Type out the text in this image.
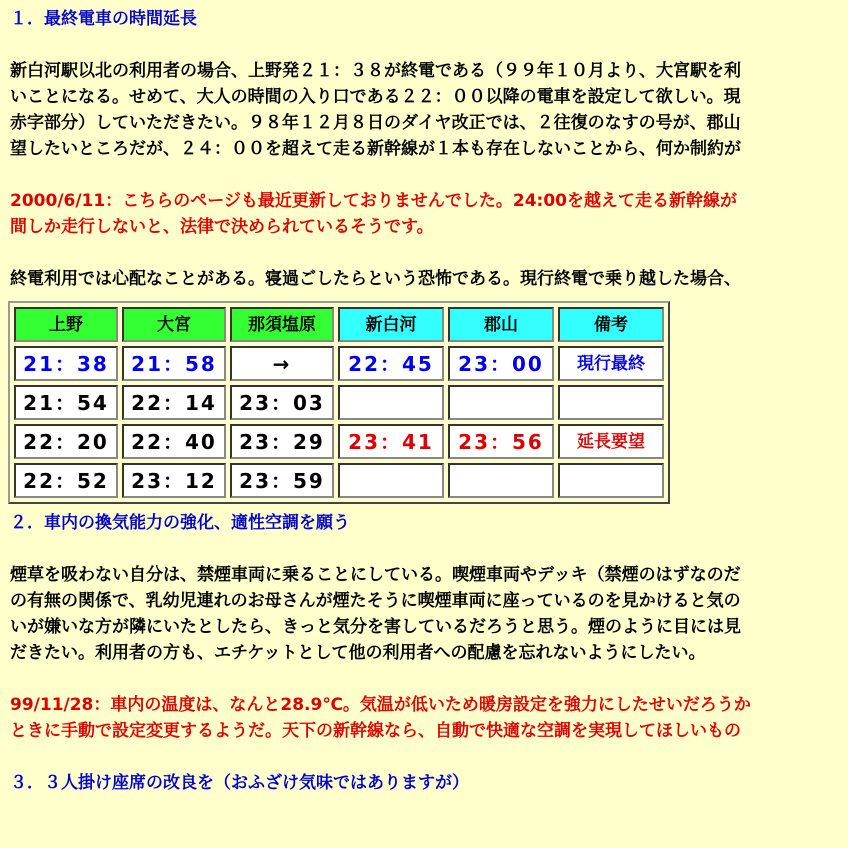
１．最終電車の時間延長

新白河駅以北の利用者の場合、上野発２１：３８が終電である（９９年１０月より、大宮駅を利

いことになる。せめて、大人の時間の入り口である２２：００以降の電車を設定して欲しい。現

赤字部分）していただきたい。９８年１２月８日のダイヤ改正では、２往復のなすの号が、郡山

望したいところだが、２４：００を超えて走る新幹線が１本も存在しないことから、何か制約が

2000/6/11：こちらのページも最近更新しておりませんでした。24:00を越えて走る新幹線が

間しか走行しないと、法律で決められているそうです。

終電利用では心配なことがある。寝過ごしたらという恐怖である。現行終電で乗り越した場合、

上野	大宮	那須塩原	新白河	郡山	備考
21：38	21：58	→	22：45	23：00	現行最終
21：54	22：14	23：03			
22：20	22：40	23：29	23：41	23：56	延長要望
22：52	23：12	23：59			

２．車内の換気能力の強化、適性空調を願う

煙草を吸わない自分は、禁煙車両に乗ることにしている。喫煙車両やデッキ（禁煙のはずなのだ

の有無の関係で、乳幼児連れのお母さんが煙たそうに喫煙車両に座っているのを見かけると気の

いが嫌いな方が隣にいたとしたら、きっと気分を害しているだろうと思う。煙のように目には見

だきたい。利用者の方も、エチケットとして他の利用者への配慮を忘れないようにしたい。

99/11/28：車内の温度は、なんと28.9℃。気温が低いため暖房設定を強力にしたせいだろうか

ときに手動で設定変更するようだ。天下の新幹線なら、自動で快適な空調を実現してほしいもの

３．３人掛け座席の改良を（おふざけ気味ではありますが）
